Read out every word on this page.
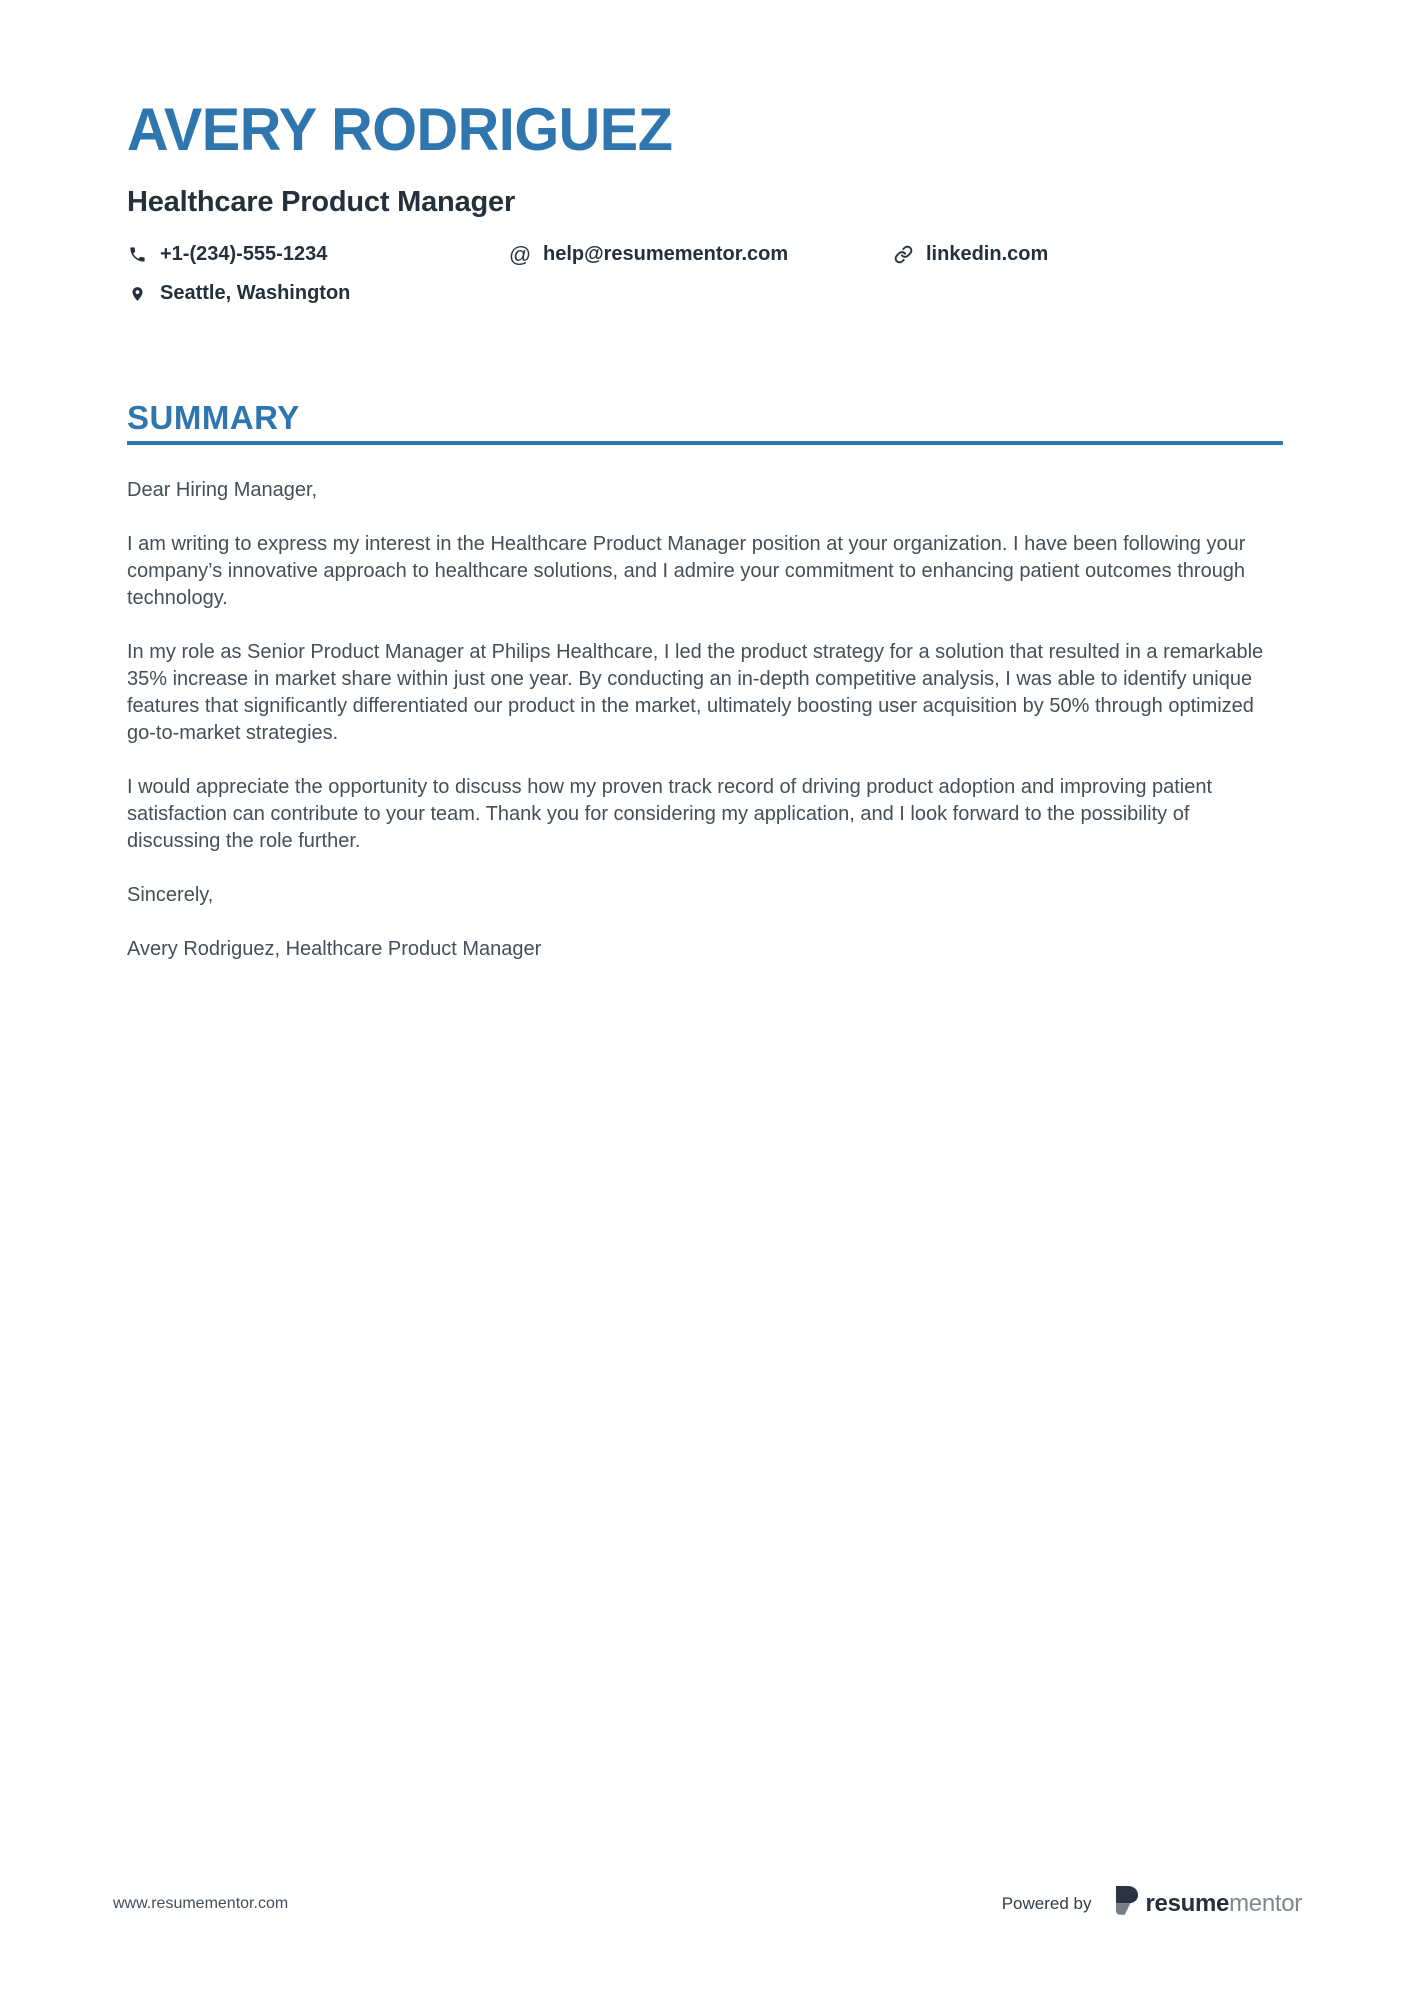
AVERY RODRIGUEZ
Healthcare Product Manager
+1-(234)-555-1234	@ help@resumementor.com	linkedin.com
Seattle, Washington
SUMMARY

Dear Hiring Manager,

I am writing to express my interest in the Healthcare Product Manager position at your organization. I have been following your company’s innovative approach to healthcare solutions, and I admire your commitment to enhancing patient outcomes through technology.

In my role as Senior Product Manager at Philips Healthcare, I led the product strategy for a solution that resulted in a remarkable 35% increase in market share within just one year. By conducting an in-depth competitive analysis, I was able to identify unique features that significantly differentiated our product in the market, ultimately boosting user acquisition by 50% through optimized go-to-market strategies.

I would appreciate the opportunity to discuss how my proven track record of driving product adoption and improving patient satisfaction can contribute to your team. Thank you for considering my application, and I look forward to the possibility of discussing the role further.

Sincerely,

Avery Rodriguez, Healthcare Product Manager

www.resumementor.com	Powered by resumementor
